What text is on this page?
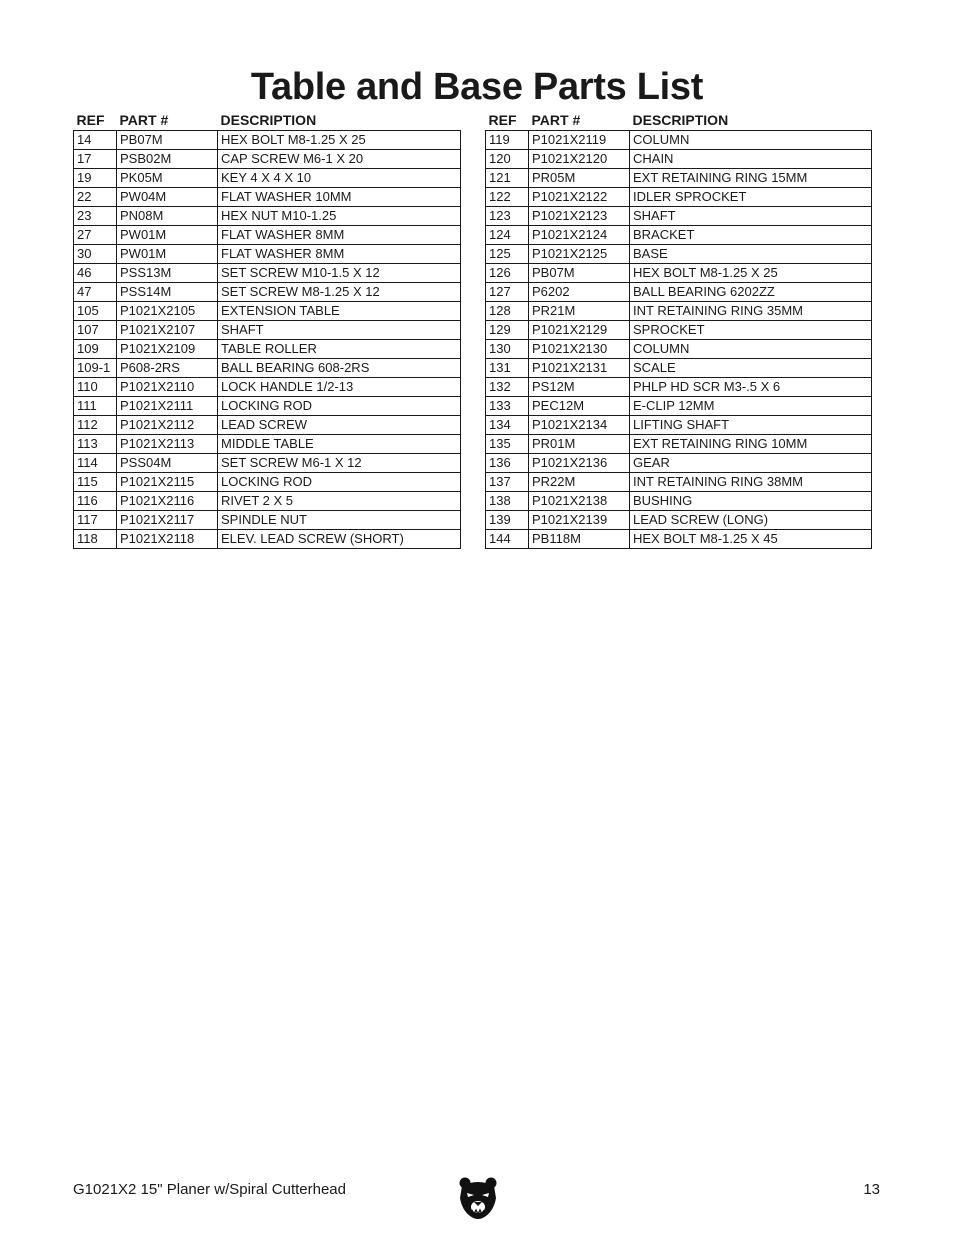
Table and Base Parts List
REF	PART #	DESCRIPTION
14	PB07M	HEX BOLT M8-1.25 X 25
17	PSB02M	CAP SCREW M6-1 X 20
19	PK05M	KEY 4 X 4 X 10
22	PW04M	FLAT WASHER 10MM
23	PN08M	HEX NUT M10-1.25
27	PW01M	FLAT WASHER 8MM
30	PW01M	FLAT WASHER 8MM
46	PSS13M	SET SCREW M10-1.5 X 12
47	PSS14M	SET SCREW M8-1.25 X 12
105	P1021X2105	EXTENSION TABLE
107	P1021X2107	SHAFT
109	P1021X2109	TABLE ROLLER
109-1	P608-2RS	BALL BEARING 608-2RS
110	P1021X2110	LOCK HANDLE 1/2-13
111	P1021X2111	LOCKING ROD
112	P1021X2112	LEAD SCREW
113	P1021X2113	MIDDLE TABLE
114	PSS04M	SET SCREW M6-1 X 12
115	P1021X2115	LOCKING ROD
116	P1021X2116	RIVET 2 X 5
117	P1021X2117	SPINDLE NUT
118	P1021X2118	ELEV. LEAD SCREW (SHORT)
REF	PART #	DESCRIPTION
119	P1021X2119	COLUMN
120	P1021X2120	CHAIN
121	PR05M	EXT RETAINING RING 15MM
122	P1021X2122	IDLER SPROCKET
123	P1021X2123	SHAFT
124	P1021X2124	BRACKET
125	P1021X2125	BASE
126	PB07M	HEX BOLT M8-1.25 X 25
127	P6202	BALL BEARING 6202ZZ
128	PR21M	INT RETAINING RING 35MM
129	P1021X2129	SPROCKET
130	P1021X2130	COLUMN
131	P1021X2131	SCALE
132	PS12M	PHLP HD SCR M3-.5 X 6
133	PEC12M	E-CLIP 12MM
134	P1021X2134	LIFTING SHAFT
135	PR01M	EXT RETAINING RING 10MM
136	P1021X2136	GEAR
137	PR22M	INT RETAINING RING 38MM
138	P1021X2138	BUSHING
139	P1021X2139	LEAD SCREW (LONG)
144	PB118M	HEX BOLT M8-1.25 X 45
G1021X2 15" Planer w/Spiral Cutterhead	13
